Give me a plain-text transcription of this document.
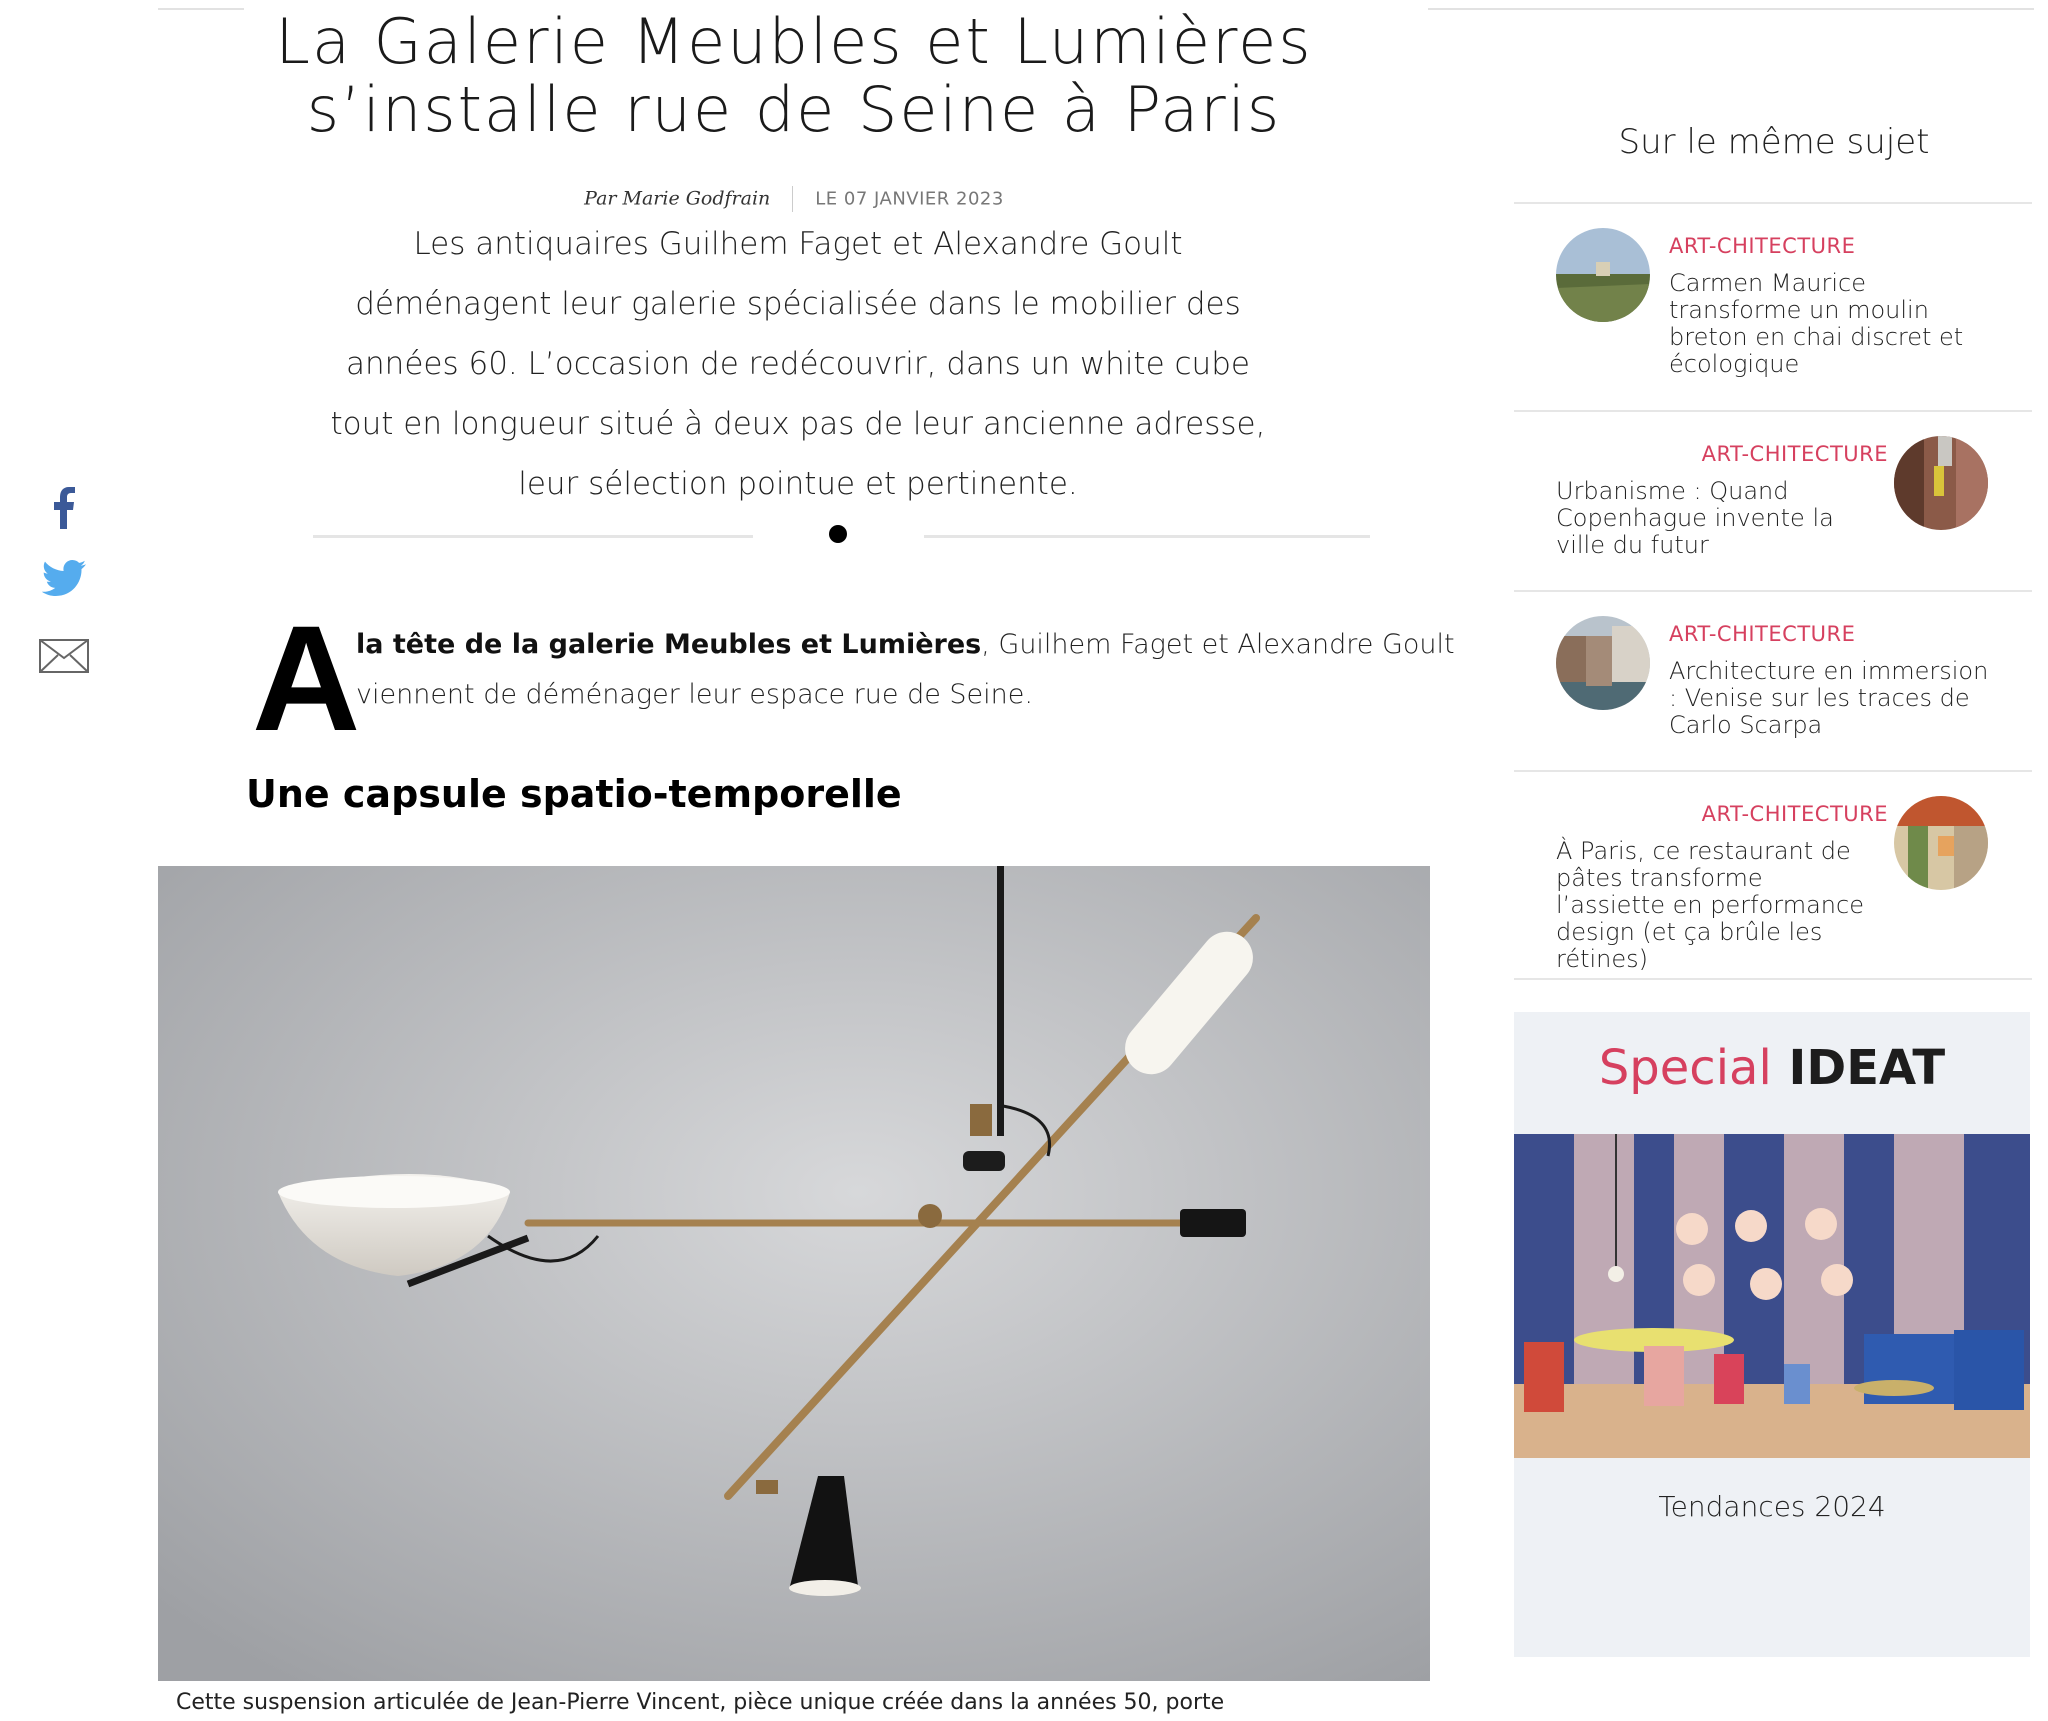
La Galerie Meubles et Lumières
s’installe rue de Seine à Paris
Par Marie Godfrain	LE 07 JANVIER 2023

Les antiquaires Guilhem Faget et Alexandre Goult déménagent leur galerie spécialisée dans le mobilier des années 60. L’occasion de redécouvrir, dans un white cube tout en longueur situé à deux pas de leur ancienne adresse, leur sélection pointue et pertinente.

A

la tête de la galerie Meubles et Lumières, Guilhem Faget et Alexandre Goult viennent de déménager leur espace rue de Seine.

Une capsule spatio-temporelle
Cette suspension articulée de Jean-Pierre Vincent, pièce unique créée dans la années 50, porte
Sur le même sujet
ART-CHITECTURE
Carmen Maurice transforme un moulin breton en chai discret et écologique
ART-CHITECTURE
Urbanisme : Quand Copenhague invente la ville du futur
ART-CHITECTURE
Architecture en immersion : Venise sur les traces de Carlo Scarpa
ART-CHITECTURE
À Paris, ce restaurant de pâtes transforme l’assiette en performance design (et ça brûle les rétines)
Special IDEAT
Tendances 2024
